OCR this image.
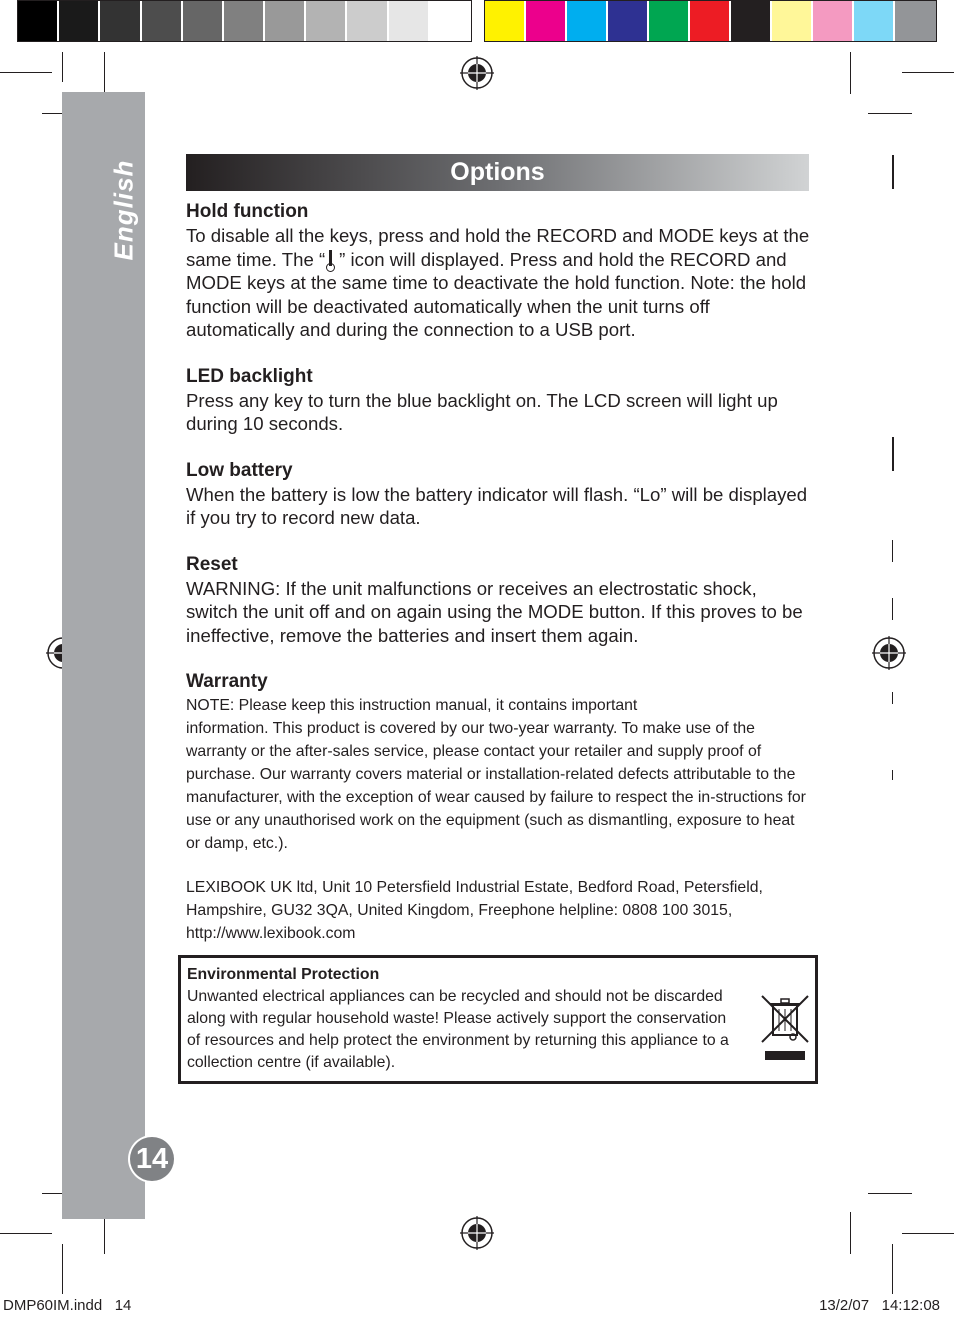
English
14
Options
Hold function
To disable all the keys, press and hold the RECORD and MODE keys at the same time. The “ ” icon will displayed. Press and hold the RECORD and MODE keys at the same time to deactivate the hold function. Note: the hold function will be deactivated automatically when the unit turns off automatically and during the connection to a USB port.
LED backlight
Press any key to turn the blue backlight on. The LCD screen will light up during 10 seconds.
Low battery
When the battery is low the battery indicator will flash. “Lo” will be displayed if you try to record new data.
Reset
WARNING: If the unit malfunctions or receives an electrostatic shock, switch the unit off and on again using the MODE button. If this proves to be ineffective, remove the batteries and insert them again.
Warranty
NOTE: Please keep this instruction manual, it contains important
information. This product is covered by our two-year warranty. To make use of the warranty or the after-sales service, please contact your retailer and supply proof of purchase. Our warranty covers material or installation-related defects attributable to the manufacturer, with the exception of wear caused by failure to respect the in-structions for use or any unauthorised work on the equipment (such as dismantling, exposure to heat or damp, etc.).
LEXIBOOK UK ltd, Unit 10 Petersfield Industrial Estate, Bedford Road, Petersfield, Hampshire, GU32 3QA, United Kingdom, Freephone helpline: 0808 100 3015, http://www.lexibook.com
Environmental Protection
Unwanted electrical appliances can be recycled and should not be discarded along with regular household waste! Please actively support the conservation of resources and help protect the environment by returning this appliance to a collection centre (if available).
DMP60IM.indd   14	13/2/07   14:12:08
